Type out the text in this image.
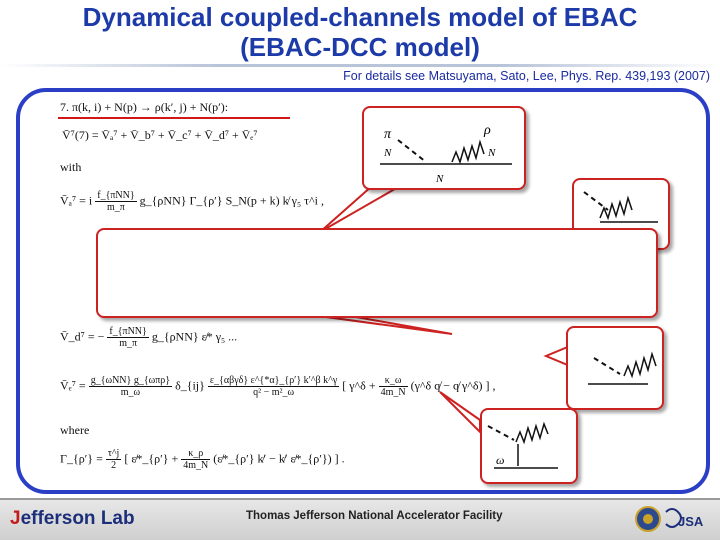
Dynamical coupled-channels model of EBAC
(EBAC-DCC model)
For details see Matsuyama, Sato, Lee, Phys. Rep. 439,193 (2007)
7. π(k, i) + N(p) → ρ(k′, j) + N(p′):
V̄⁷(7) = V̄ₐ⁷ + V̄_b⁷ + V̄_c⁷ + V̄_d⁷ + V̄ₑ⁷
with
V̄ₐ⁷ = i $\frac{\text{f\_\{πNN\}}}{m\_\pi}$ g_{ρNN} Γ_{ρ′} S_N(p + k) k̸ γ₅ τ^i ,
V̄_d⁷ = − $\frac{\text{f\_\{πNN\}}}{m\_\pi}$ g_{ρNN} ε̸* γ₅ ...
V̄ₑ⁷ = $\frac{\text{g\_\{ωNN\} g\_\{ωπρ\}}}{m\_\omega}$ δ_{ij} $\frac{\text{ε\_\{αβγδ\} ε\textasciicircum{}\{*α\}\_\{ρ′\} k′\textasciicircum{}β k\textasciicircum{}γ}}{\text{q² − m²\_ω}}$ [ γ^δ + $\frac{\kappa\_\omega}{4m\_N}$ (γ^δ q̸ − q̸ γ^δ) ] ,
where
Γ_{ρ′} = $\frac{\tau\^{}j}{2}$ [ ε̸*_{ρ′} + $\frac{\kappa\_\rho}{4m\_N}$ (ε̸*_{ρ′} k̸′ − k̸′ ε̸*_{ρ′}) ] .
π	ρ
N
N
N
ω
Jefferson Lab	Thomas Jefferson National Accelerator Facility	JSA
